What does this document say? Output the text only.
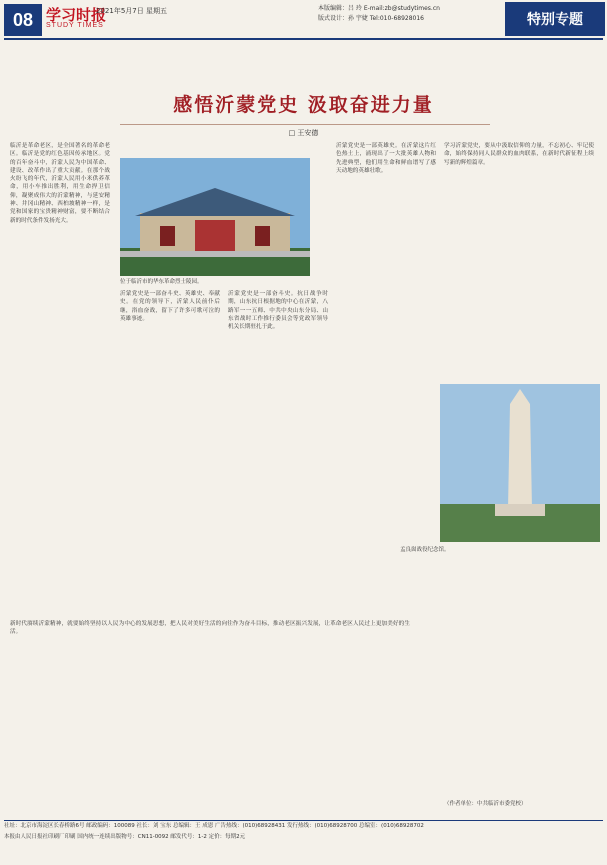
08 学习时报
STUDY TIMES
2021年5月7日 星期五	本版编辑：吕 玲 E-mail:zb@studytimes.cn
版式设计：孙 宇婕 Tel:010-68928016	特别专题
感悟沂蒙党史 汲取奋进力量
□ 王安德
临沂是革命老区，是全国著名的革命老区。临沂是党的红色基因传承地区。党的百年奋斗中，沂蒙人民为中国革命、建设、改革作出了重大贡献。在那个战火纷飞的年代，沂蒙人民用小米供养革命，用小车推出胜利，用生命捍卫信仰，凝聚成伟大的沂蒙精神，与延安精神、井冈山精神、西柏坡精神一样，是党和国家的宝贵精神财富，要不断结合新的时代条件发扬光大。
位于临沂市的华东革命烈士陵园。
沂蒙党史是一部奋斗史、英雄史、奉献史。在党的领导下，沂蒙人民前仆后继，浴血奋战，留下了许多可歌可泣的英雄事迹。
沂蒙党史是一部奋斗史。抗日战争时期，山东抗日根据地的中心在沂蒙，八路军一一五师、中共中央山东分局、山东省战时工作推行委员会等党政军领导机关长期驻扎于此。
沂蒙党史是一部英雄史。在沂蒙这片红色热土上，涌现出了一大批英雄人物和先进典型，他们用生命和鲜血谱写了感天动地的英雄壮歌。
学习沂蒙党史，要从中汲取信仰的力量，不忘初心、牢记使命，始终保持同人民群众的血肉联系，在新时代新征程上续写新的辉煌篇章。
孟良崮战役纪念馆。
新时代赓续沂蒙精神，就要始终坚持以人民为中心的发展思想，把人民对美好生活的向往作为奋斗目标，推动老区振兴发展，让革命老区人民过上更加美好的生活。
（作者单位：中共临沂市委党校）
社址：北京市海淀区长春桥路6号 邮政编码：100089 社长：刘 宝东 总编辑：王 成恩 广告热线：(010)68928431 发行热线：(010)68928700 总编室：(010)68928702
本报由人民日报社印刷厂印刷 国内统一连续出版物号：CN11-0092 邮发代号：1-2 定价：每期2元
